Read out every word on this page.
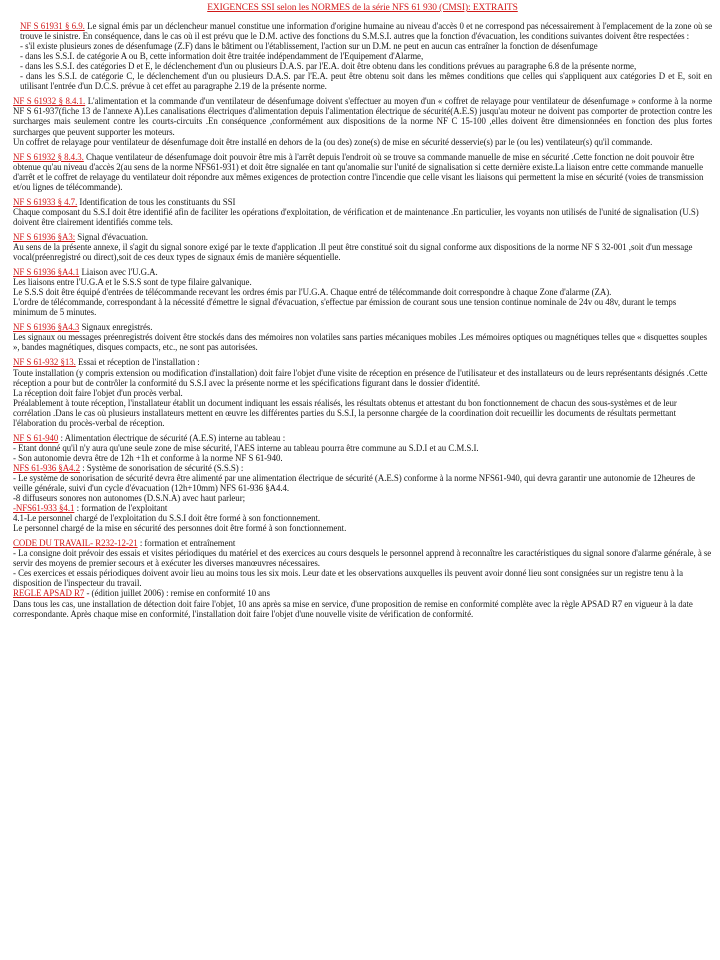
EXIGENCES SSI selon les NORMES de la série NFS 61 930 (CMSI): EXTRAITS

NF S 61931 § 6.9. Le signal émis par un déclencheur manuel constitue une information d'origine humaine au niveau d'accès 0 et ne correspond pas nécessairement à l'emplacement de la zone où se trouve le sinistre. En conséquence, dans le cas où il est prévu que le D.M. active des fonctions du S.M.S.I. autres que la fonction d'évacuation, les conditions suivantes doivent être respectées :

- s'il existe plusieurs zones de désenfumage (Z.F) dans le bâtiment ou l'établissement, l'action sur un D.M. ne peut en aucun cas entraîner la fonction de désenfumage

- dans les S.S.I. de catégorie A ou B, cette information doit être traitée indépendamment de l'Equipement d'Alarme,

- dans les S.S.I. des catégories D et E, le déclenchement d'un ou plusieurs D.A.S. par l'E.A. doit être obtenu dans les conditions prévues au paragraphe 6.8 de la présente norme,

- dans les S.S.I. de catégorie C, le déclenchement d'un ou plusieurs D.A.S. par l'E.A. peut être obtenu soit dans les mêmes conditions que celles qui s'appliquent aux catégories D et E, soit en utilisant l'entrée d'un D.C.S. prévue à cet effet au paragraphe 2.19 de la présente norme.

NF S 61932 § 8.4.1. L'alimentation et la commande d'un ventilateur de désenfumage doivent s'effectuer au moyen d'un « coffret de relayage pour ventilateur de désenfumage » conforme à la norme NF S 61-937(fiche 13 de l'annexe A).Les canalisations électriques d'alimentation depuis l'alimentation électrique de sécurité(A.E.S) jusqu'au moteur ne doivent pas comporter de protection contre les surcharges mais seulement contre les courts-circuits .En conséquence ,conformément aux dispositions de la norme NF C 15-100 ,elles doivent être dimensionnées en fonction des plus fortes surcharges que peuvent supporter les moteurs.

Un coffret de relayage pour ventilateur de désenfumage doit être installé en dehors de la (ou des) zone(s) de mise en sécurité desservie(s) par le (ou les) ventilateur(s) qu'il commande.

NF S 61932 § 8.4.3. Chaque ventilateur de désenfumage doit pouvoir être mis à l'arrêt depuis l'endroit où se trouve sa commande manuelle de mise en sécurité .Cette fonction ne doit pouvoir être obtenue qu'au niveau d'accès 2(au sens de la norme NFS61-931) et doit être signalée en tant qu'anomalie sur l'unité de signalisation si cette dernière existe.La liaison entre cette commande manuelle d'arrêt et le coffret de relayage du ventilateur doit répondre aux mêmes exigences de protection contre l'incendie que celle visant les liaisons qui permettent la mise en sécurité (voies de transmission et/ou lignes de télécommande).

NF S 61933 § 4.7. Identification de tous les constituants du SSI

Chaque composant du S.S.I doit être identifié afin de faciliter les opérations d'exploitation, de vérification et de maintenance .En particulier, les voyants non utilisés de l'unité de signalisation (U.S) doivent être clairement identifiés comme tels.

NF S 61936 §A3: Signal d'évacuation.

Au sens de la présente annexe, il s'agit du signal sonore exigé par le texte d'application .Il peut être constitué soit du signal conforme aux dispositions de la norme NF S 32-001 ,soit d'un message vocal(préenregistré ou direct),soit de ces deux types de signaux émis de manière séquentielle.

NF S 61936 §A4.1 Liaison avec l'U.G.A.

Les liaisons entre l'U.G.A et le S.S.S sont de type filaire galvanique.

Le S.S.S doit être équipé d'entrées de télécommande recevant les ordres émis par l'U.G.A. Chaque entré de télécommande doit correspondre à chaque Zone d'alarme (ZA).

L'ordre de télécommande, correspondant à la nécessité d'émettre le signal d'évacuation, s'effectue par émission de courant sous une tension continue nominale de 24v ou 48v, durant le temps minimum de 5 minutes.

NF S 61936 §A4.3 Signaux enregistrés.

Les signaux ou messages préenregistrés doivent être stockés dans des mémoires non volatiles sans parties mécaniques mobiles .Les mémoires optiques ou magnétiques telles que « disquettes souples », bandes magnétiques, disques compacts, etc., ne sont pas autorisées.

NF S 61-932 §13. Essai et réception de l'installation :

Toute installation (y compris extension ou modification d'installation) doit faire l'objet d'une visite de réception en présence de l'utilisateur et des installateurs ou de leurs représentants désignés .Cette réception a pour but de contrôler la conformité du S.S.I avec la présente norme et les spécifications figurant dans le dossier d'identité.

La réception doit faire l'objet d'un procès verbal.

Préalablement à toute réception, l'installateur établit un document indiquant les essais réalisés, les résultats obtenus et attestant du bon fonctionnement de chacun des sous-systèmes et de leur corrélation .Dans le cas où plusieurs installateurs mettent en œuvre les différentes parties du S.S.I, la personne chargée de la coordination doit recueillir les documents de résultats permettant l'élaboration du procès-verbal de réception.

NF S 61-940 : Alimentation électrique de sécurité (A.E.S) interne au tableau :

- Etant donné qu'il n'y aura qu'une seule zone de mise sécurité, l'AES interne au tableau pourra être commune au S.D.I et au C.M.S.I.

- Son autonomie devra être de 12h +1h et conforme à la norme NF S 61-940.

NFS 61-936 §A4.2 : Système de sonorisation de sécurité (S.S.S) :

- Le système de sonorisation de sécurité devra être alimenté par une alimentation électrique de sécurité (A.E.S) conforme à la norme NFS61-940, qui devra garantir une autonomie de 12heures de veille générale, suivi d'un cycle d'évacuation (12h+10mm) NFS 61-936 §A4.4.

-8 diffuseurs sonores non autonomes (D.S.N.A) avec haut parleur;

-NFS61-933 §4.1 : formation de l'exploitant

4.1-Le personnel chargé de l'exploitation du S.S.I doit être formé à son fonctionnement.

Le personnel chargé de la mise en sécurité des personnes doit être formé à son fonctionnement.

CODE DU TRAVAIL- R232-12-21 : formation et entraînement

- La consigne doit prévoir des essais et visites périodiques du matériel et des exercices au cours desquels le personnel apprend à reconnaître les caractéristiques du signal sonore d'alarme générale, à se servir des moyens de premier secours et à exécuter les diverses manœuvres nécessaires.

- Ces exercices et essais périodiques doivent avoir lieu au moins tous les six mois. Leur date et les observations auxquelles ils peuvent avoir donné lieu sont consignées sur un registre tenu à la disposition de l'inspecteur du travail.

REGLE APSAD R7 - (édition juillet 2006) : remise en conformité 10 ans

Dans tous les cas, une installation de détection doit faire l'objet, 10 ans après sa mise en service, d'une proposition de remise en conformité complète avec la règle APSAD R7 en vigueur à la date correspondante. Après chaque mise en conformité, l'installation doit faire l'objet d'une nouvelle visite de vérification de conformité.
